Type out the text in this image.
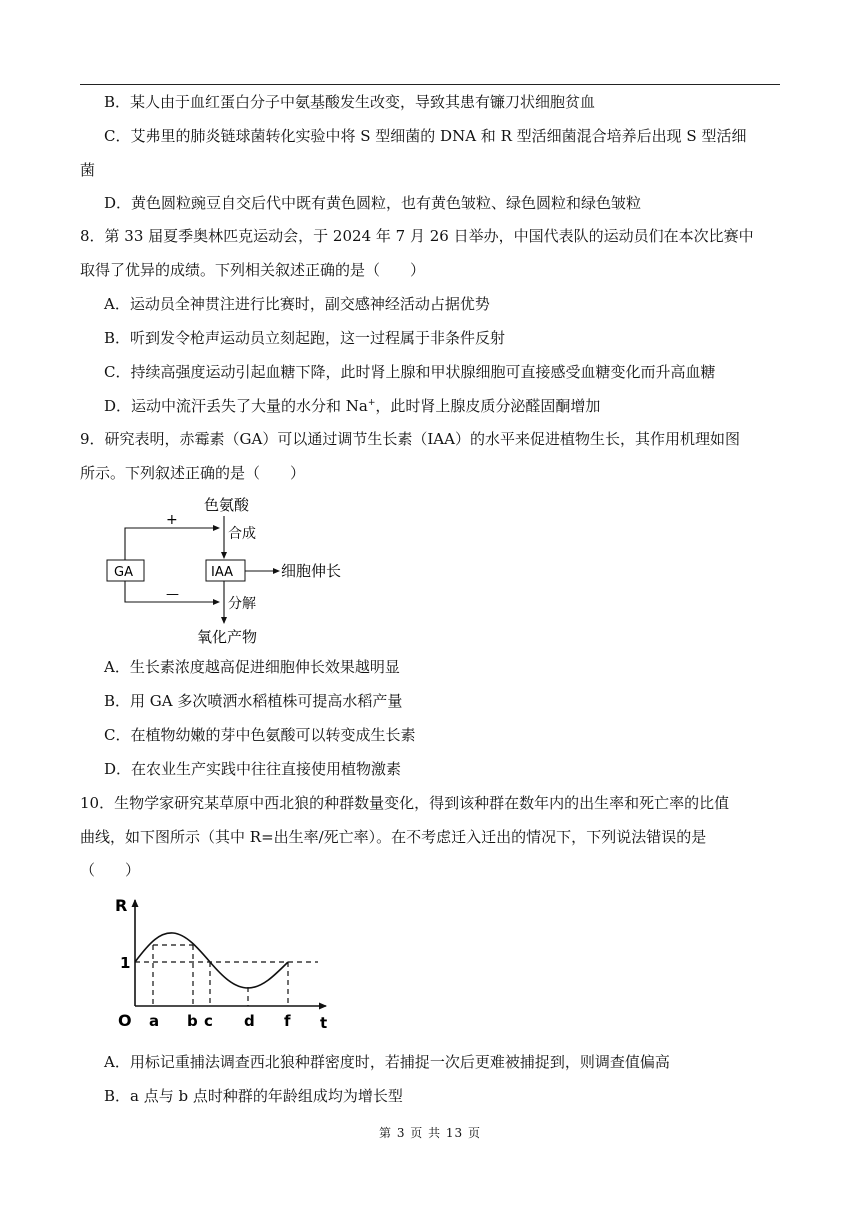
B．某人由于血红蛋白分子中氨基酸发生改变，导致其患有镰刀状细胞贫血
C．艾弗里的肺炎链球菌转化实验中将 S 型细菌的 DNA 和 R 型活细菌混合培养后出现 S 型活细
菌
D．黄色圆粒豌豆自交后代中既有黄色圆粒，也有黄色皱粒、绿色圆粒和绿色皱粒
8．第 33 届夏季奥林匹克运动会，于 2024 年 7 月 26 日举办，中国代表队的运动员们在本次比赛中
取得了优异的成绩。下列相关叙述正确的是（　　）
A．运动员全神贯注进行比赛时，副交感神经活动占据优势
B．听到发令枪声运动员立刻起跑，这一过程属于非条件反射
C．持续高强度运动引起血糖下降，此时肾上腺和甲状腺细胞可直接感受血糖变化而升高血糖
D．运动中流汗丢失了大量的水分和 Na+，此时肾上腺皮质分泌醛固酮增加
9．研究表明，赤霉素（GA）可以通过调节生长素（IAA）的水平来促进植物生长，其作用机理如图
所示。下列叙述正确的是（　　）
色氨酸
合成
+
GA	IAA	细胞伸长
—
分解
氧化产物
A．生长素浓度越高促进细胞伸长效果越明显
B．用 GA 多次喷洒水稻植株可提高水稻产量
C．在植物幼嫩的芽中色氨酸可以转变成生长素
D．在农业生产实践中往往直接使用植物激素
10．生物学家研究某草原中西北狼的种群数量变化，得到该种群在数年内的出生率和死亡率的比值
曲线，如下图所示（其中 R=出生率/死亡率）。在不考虑迁入迁出的情况下，下列说法错误的是
（　　）
R
1
O a b c d f t
A．用标记重捕法调查西北狼种群密度时，若捕捉一次后更难被捕捉到，则调查值偏高
B．a 点与 b 点时种群的年龄组成均为增长型
第 3 页 共 13 页
